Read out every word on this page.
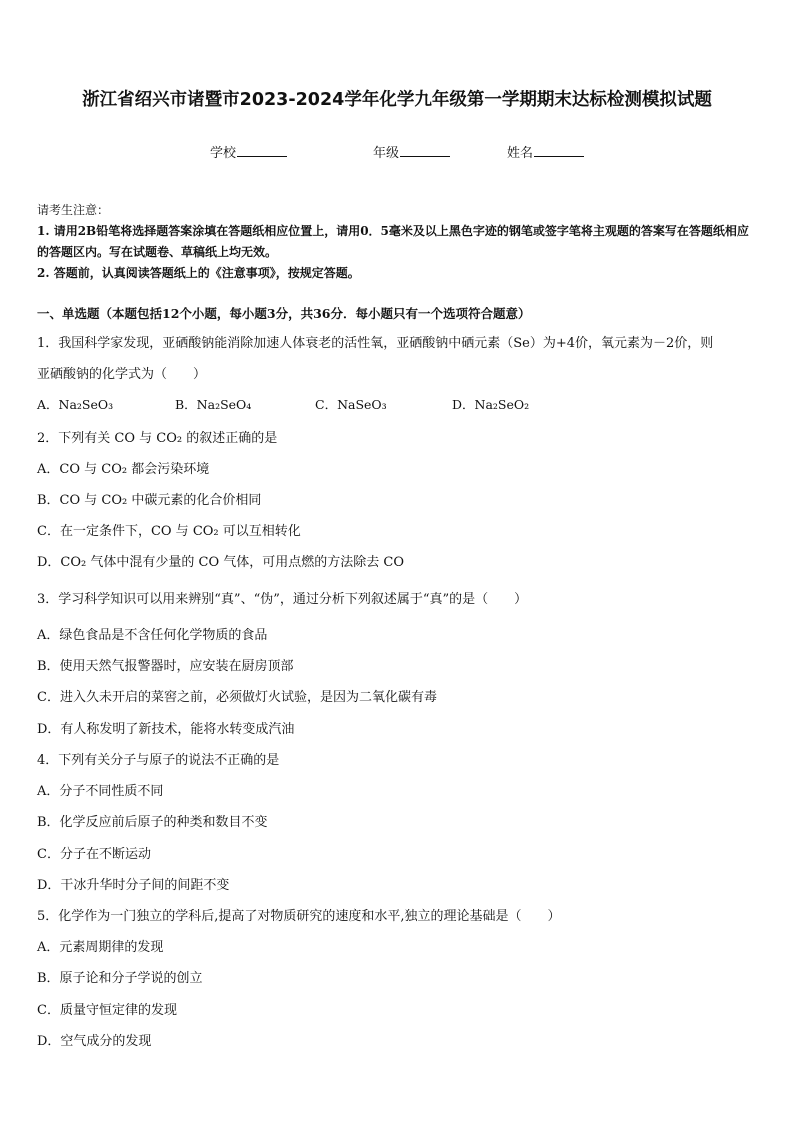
浙江省绍兴市诸暨市2023-2024学年化学九年级第一学期期末达标检测模拟试题
学校	年级	姓名
请考生注意：
1. 请用2B铅笔将选择题答案涂填在答题纸相应位置上，请用0．5毫米及以上黑色字迹的钢笔或签字笔将主观题的答案写在答题纸相应的答题区内。写在试题卷、草稿纸上均无效。
2. 答题前，认真阅读答题纸上的《注意事项》，按规定答题。
一、单选题（本题包括12个小题，每小题3分，共36分．每小题只有一个选项符合题意）
1．我国科学家发现，亚硒酸钠能消除加速人体衰老的活性氧，亚硒酸钠中硒元素（Se）为+4价，氧元素为－2价，则
亚硒酸钠的化学式为（　　）
A．Na₂SeO₃	B．Na₂SeO₄	C．NaSeO₃	D．Na₂SeO₂
2．下列有关 CO 与 CO₂ 的叙述正确的是
A．CO 与 CO₂ 都会污染环境
B．CO 与 CO₂ 中碳元素的化合价相同
C．在一定条件下，CO 与 CO₂ 可以互相转化
D．CO₂ 气体中混有少量的 CO 气体，可用点燃的方法除去 CO
3．学习科学知识可以用来辨别“真”、“伪”，通过分析下列叙述属于“真”的是（　　）
A．绿色食品是不含任何化学物质的食品
B．使用天然气报警器时，应安装在厨房顶部
C．进入久未开启的菜窖之前，必须做灯火试验，是因为二氧化碳有毒
D．有人称发明了新技术，能将水转变成汽油
4．下列有关分子与原子的说法不正确的是
A．分子不同性质不同
B．化学反应前后原子的种类和数目不变
C．分子在不断运动
D．干冰升华时分子间的间距不变
5．化学作为一门独立的学科后,提高了对物质研究的速度和水平,独立的理论基础是（　　）
A．元素周期律的发现
B．原子论和分子学说的创立
C．质量守恒定律的发现
D．空气成分的发现
